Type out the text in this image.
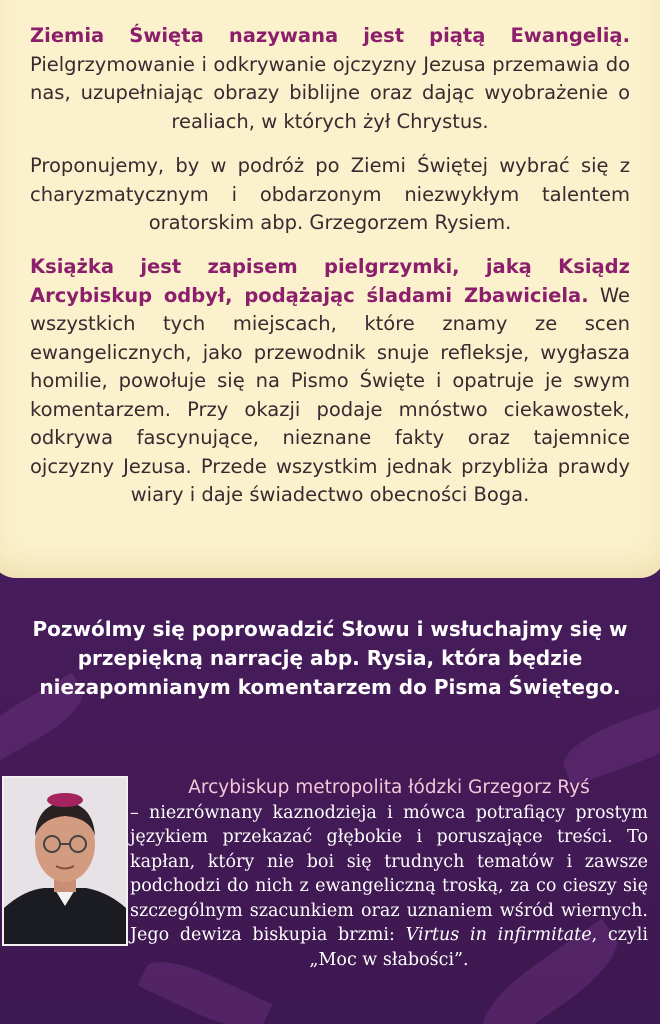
Ziemia Święta nazywana jest piątą Ewangelią. Pielgrzymowanie i odkrywanie ojczyzny Jezusa przemawia do nas, uzupełniając obrazy biblijne oraz dając wyobrażenie o realiach, w których żył Chrystus.
Proponujemy, by w podróż po Ziemi Świętej wybrać się z charyzmatycznym i obdarzonym niezwykłym talentem oratorskim abp. Grzegorzem Rysiem.
Książka jest zapisem pielgrzymki, jaką Ksiądz Arcybiskup odbył, podążając śladami Zbawiciela. We wszystkich tych miejscach, które znamy ze scen ewangelicznych, jako przewodnik snuje refleksje, wygłasza homilie, powołuje się na Pismo Święte i opatruje je swym komentarzem. Przy okazji podaje mnóstwo ciekawostek, odkrywa fascynujące, nieznane fakty oraz tajemnice ojczyzny Jezusa. Przede wszystkim jednak przybliża prawdy wiary i daje świadectwo obecności Boga.
Pozwólmy się poprowadzić Słowu i wsłuchajmy się w przepiękną narrację abp. Rysia, która będzie niezapomnianym komentarzem do Pisma Świętego.
Arcybiskup metropolita łódzki Grzegorz Ryś
– niezrównany kaznodzieja i mówca potrafiący prostym językiem przekazać głębokie i poruszające treści. To kapłan, który nie boi się trudnych tematów i zawsze podchodzi do nich z ewangeliczną troską, za co cieszy się szczególnym szacunkiem oraz uznaniem wśród wiernych. Jego dewiza biskupia brzmi: Virtus in infirmitate, czyli „Moc w słabości”.
